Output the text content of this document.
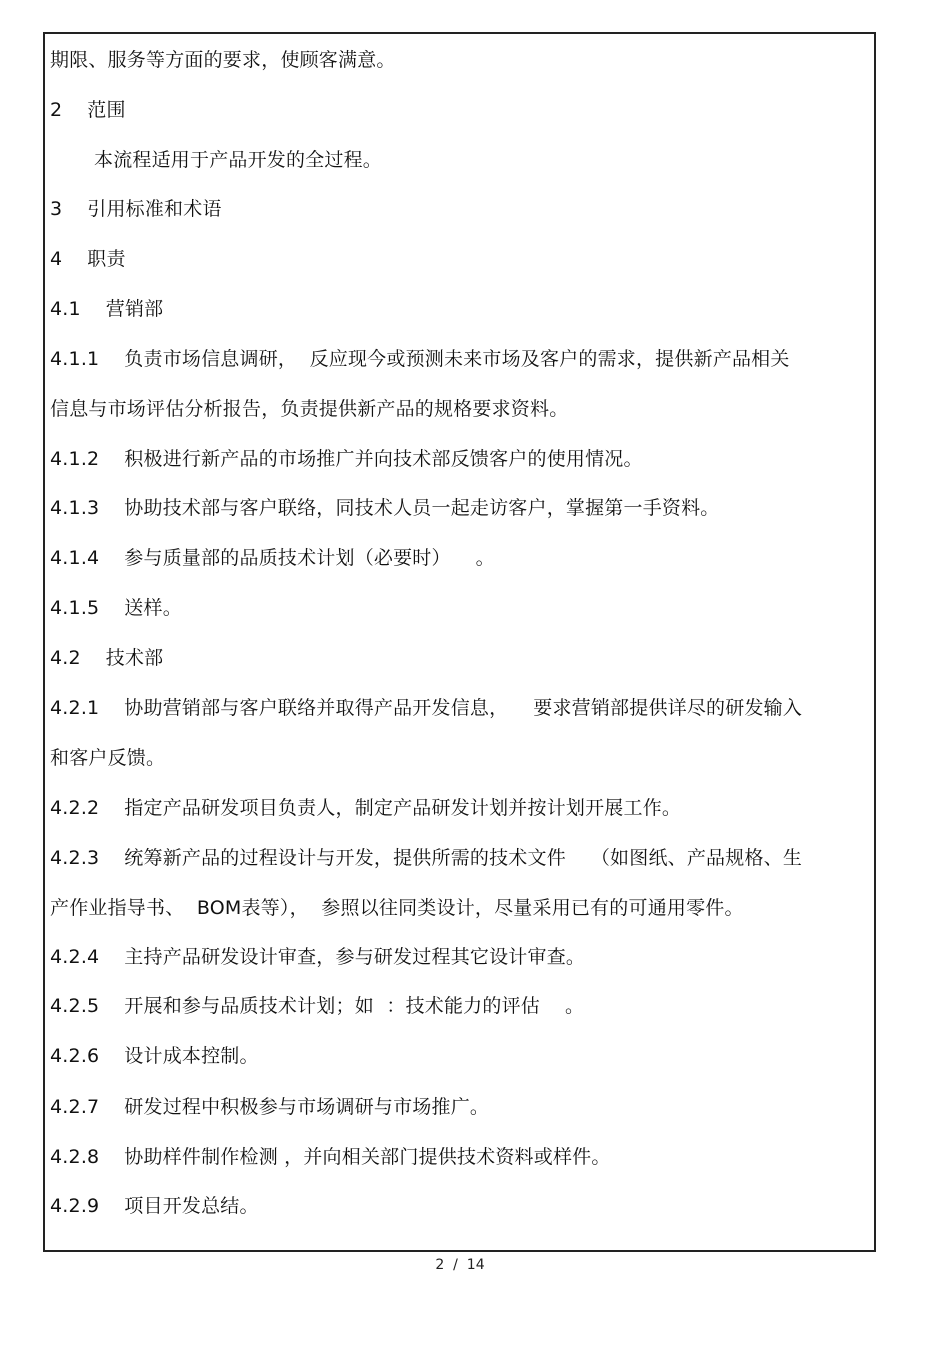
期限、服务等方面的要求，使顾客满意。
2    范围
本流程适用于产品开发的全过程。
3    引用标准和术语
4    职责
4.1    营销部
4.1.1    负责市场信息调研，  反应现今或预测未来市场及客户的需求，提供新产品相关
信息与市场评估分析报告，负责提供新产品的规格要求资料。
4.1.2    积极进行新产品的市场推广并向技术部反馈客户的使用情况。
4.1.3    协助技术部与客户联络，同技术人员一起走访客户，掌握第一手资料。
4.1.4    参与质量部的品质技术计划（必要时）    。
4.1.5    送样。
4.2    技术部
4.2.1    协助营销部与客户联络并取得产品开发信息，    要求营销部提供详尽的研发输入
和客户反馈。
4.2.2    指定产品研发项目负责人，制定产品研发计划并按计划开展工作。
4.2.3    统筹新产品的过程设计与开发，提供所需的技术文件    （如图纸、产品规格、生
产作业指导书、  BOM表等），  参照以往同类设计，尽量采用已有的可通用零件。
4.2.4    主持产品研发设计审查，参与研发过程其它设计审查。
4.2.5    开展和参与品质技术计划；如  ：技术能力的评估    。
4.2.6    设计成本控制。
4.2.7    研发过程中积极参与市场调研与市场推广。
4.2.8    协助样件制作检测 ，并向相关部门提供技术资料或样件。
4.2.9    项目开发总结。
2  /  14
